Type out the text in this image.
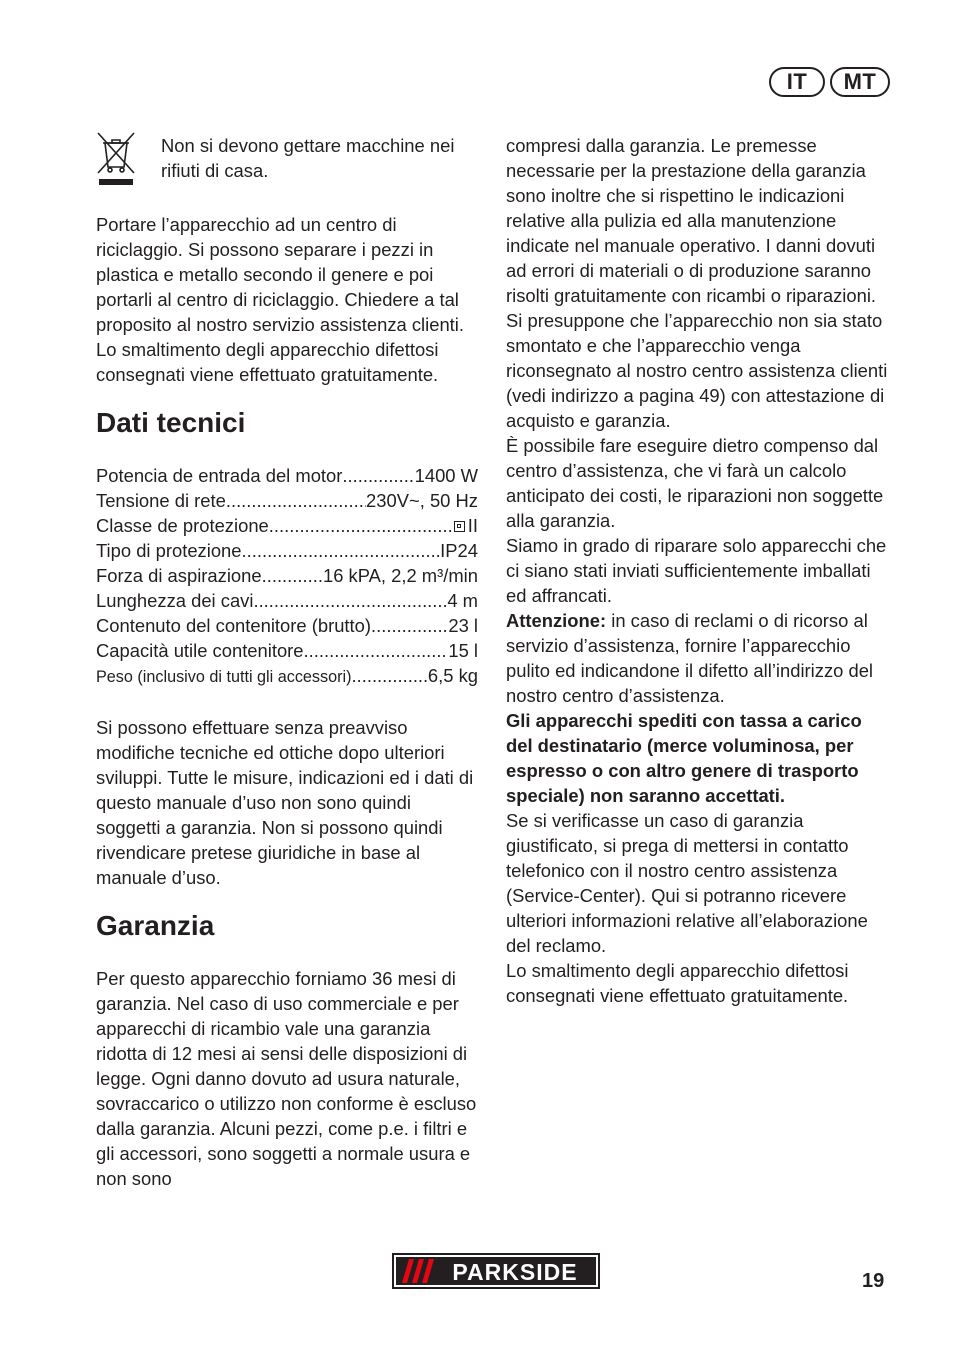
IT	MT

Non si devono gettare macchine nei rifiuti di casa.

Portare l’apparecchio ad un centro di riciclaggio. Si possono separare i pezzi in plastica e metallo secondo il genere e poi portarli al centro di riciclaggio. Chiedere a tal proposito al nostro servizio assistenza clienti.

Lo smaltimento degli apparecchio difettosi consegnati viene effettuato gratuitamente.

Dati tecnici
Potencia de entrada del motor .....	1400 W
Tensione di rete .....	230V~, 50 Hz
Classe de protezione .....	II
Tipo di protezione .....	IP24
Forza di aspirazione .....	16 kPA, 2,2 m³/min
Lunghezza dei cavi .....	4 m
Contenuto del contenitore (brutto) .....	23 l
Capacità utile contenitore .....	15 l
Peso (inclusivo di tutti gli accessori) .....	6,5 kg

Si possono effettuare senza preavviso modifiche tecniche ed ottiche dopo ulteriori sviluppi. Tutte le misure, indicazioni ed i dati di questo manuale d’uso non sono quindi soggetti a garanzia. Non si possono quindi rivendicare pretese giuridiche in base al manuale d’uso.

Garanzia

Per questo apparecchio forniamo 36 mesi di garanzia. Nel caso di uso commerciale e per apparecchi di ricambio vale una garanzia ridotta di 12 mesi ai sensi delle disposizioni di legge. Ogni danno dovuto ad usura naturale, sovraccarico o utilizzo non conforme è escluso dalla garanzia. Alcuni pezzi, come p.e. i filtri e gli accessori, sono soggetti a normale usura e non sono

compresi dalla garanzia. Le premesse necessarie per la prestazione della garanzia sono inoltre che si rispettino le indicazioni relative alla pulizia ed alla manutenzione indicate nel manuale operativo. I danni dovuti ad errori di materiali o di produzione saranno risolti gratuitamente con ricambi o riparazioni. Si presuppone che l’apparecchio non sia stato smontato e che l’apparecchio venga riconsegnato al nostro centro assistenza clienti (vedi indirizzo a pagina 49) con attestazione di acquisto e garanzia.

È possibile fare eseguire dietro compenso dal centro d’assistenza, che vi farà un calcolo anticipato dei costi, le riparazioni non soggette alla garanzia.

Siamo in grado di riparare solo apparecchi che ci siano stati inviati sufficientemente imballati ed affrancati.

Attenzione: in caso di reclami o di ricorso al servizio d’assistenza, fornire l’apparecchio pulito ed indicandone il difetto all’indirizzo del nostro centro d’assistenza.

Gli apparecchi spediti con tassa a carico del destinatario (merce voluminosa, per espresso o con altro genere di trasporto speciale) non saranno accettati.

Se si verificasse un caso di garanzia giustificato, si prega di mettersi in contatto telefonico con il nostro centro assistenza (Service-Center). Qui si potranno ricevere ulteriori informazioni relative all’elaborazione del reclamo.

Lo smaltimento degli apparecchio difettosi consegnati viene effettuato gratuitamente.

PARKSIDE	19
